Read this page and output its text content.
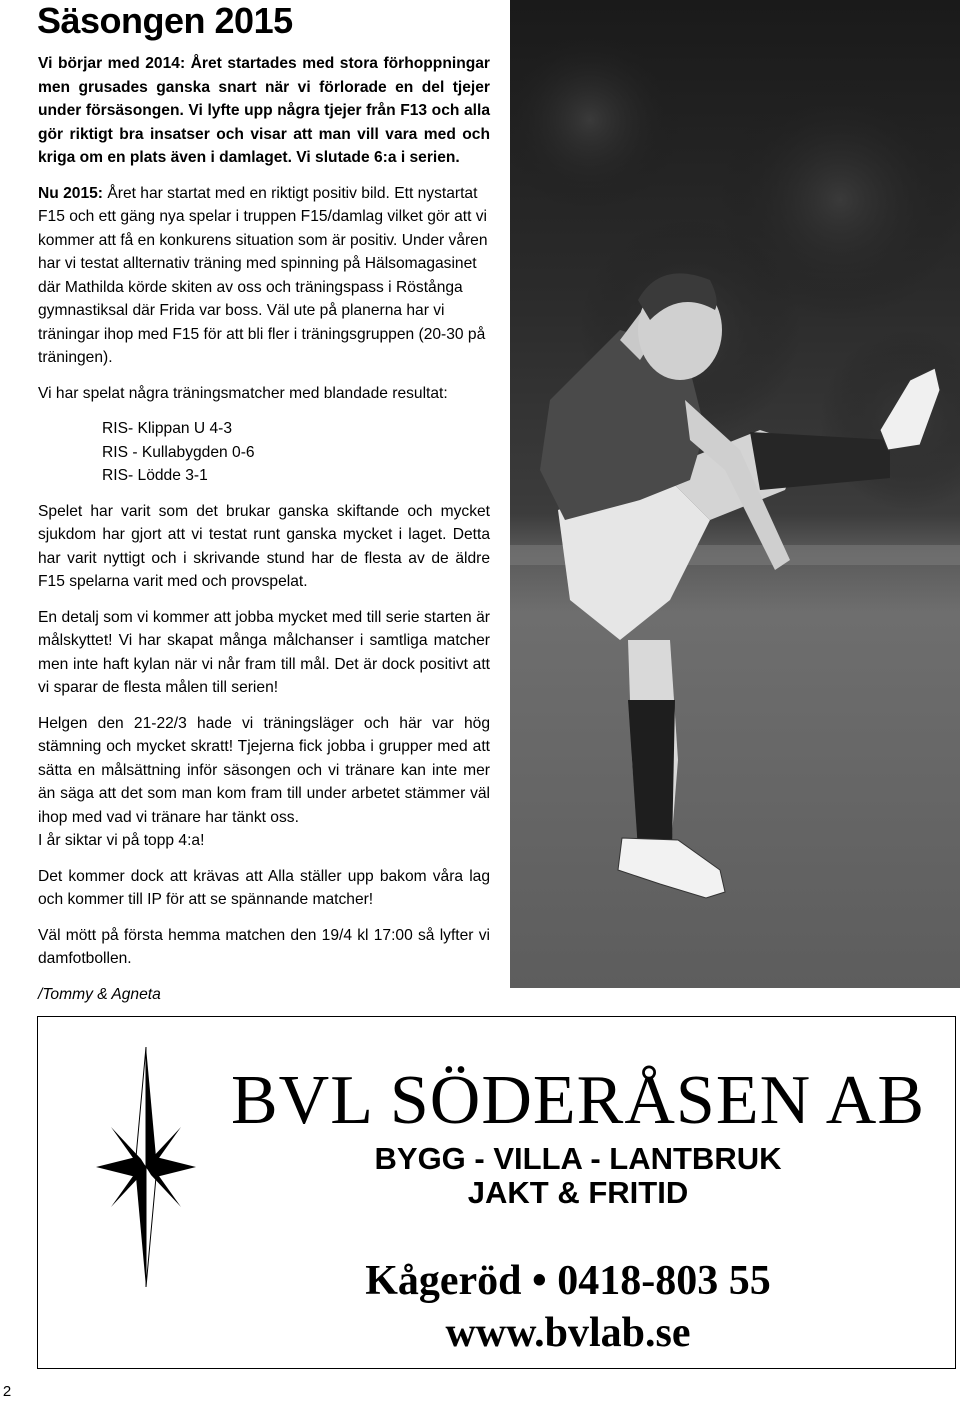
Säsongen 2015

Vi börjar med 2014: Året startades med stora förhoppningar men grusades ganska snart när vi förlorade en del tjejer under försäsongen. Vi lyfte upp några tjejer från F13 och alla gör riktigt bra insatser och visar att man vill vara med och kriga om en plats även i damlaget. Vi slutade 6:a i serien.

Nu 2015: Året har startat med en riktigt positiv bild. Ett nystartat F15 och ett gäng nya spelar i truppen F15/damlag vilket gör att vi kommer att få en konkurens situation som är positiv. Under våren har vi testat allternativ träning med spinning på Hälsomagasinet där Mathilda körde skiten av oss och träningspass i Röstånga gymnastiksal där Frida var boss. Väl ute på planerna har vi träningar ihop med F15 för att bli fler i träningsgruppen (20-30 på träningen).

Vi har spelat några träningsmatcher med blandade resultat:

RIS- Klippan U 4-3
RIS - Kullabygden 0-6
RIS- Lödde 3-1

Spelet har varit som det brukar ganska skiftande och mycket sjukdom har gjort att vi testat runt ganska mycket i laget. Detta har varit nyttigt och i skrivande stund har de flesta av de äldre F15 spelarna varit med och provspelat.

En detalj som vi kommer att jobba mycket med till serie starten är målskyttet! Vi har skapat många målchanser i samtliga matcher men inte haft kylan när vi når fram till mål. Det är dock positivt att vi sparar de flesta målen till serien!

Helgen den 21-22/3 hade vi träningsläger och här var hög stämning och mycket skratt! Tjejerna fick jobba i grupper med att sätta en målsättning inför säsongen och vi tränare kan inte mer än säga att det som man kom fram till under arbetet stämmer väl ihop med vad vi tränare har tänkt oss.
I år siktar vi på topp 4:a!

Det kommer dock att krävas att Alla ställer upp bakom våra lag och kommer till IP för att se spännande matcher!

Väl mött på första hemma matchen den 19/4 kl 17:00 så lyfter vi damfotbollen.

/Tommy & Agneta

BVL SÖDERÅSEN AB
BYGG - VILLA - LANTBRUK
JAKT & FRITID
Kågeröd • 0418-803 55
www.bvlab.se
2
